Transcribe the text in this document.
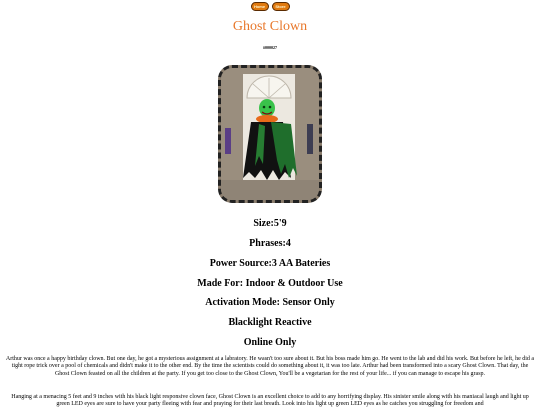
Home	Store
Ghost Clown
#000027
Size:5'9
Phrases:4
Power Source:3 AA Bateries
Made For: Indoor & Outdoor Use
Activation Mode: Sensor Only
Blacklight Reactive
Online Only
Arthur was once a happy birthday clown. But one day, he got a mysterious assignment at a labratory. He wasn't too sure about it. But his boss made him go. He went to the lab and did his work. But before he left, he did a tight rope trick over a pool of chemicals and didn't make it to the other end. By the time the scientists could do something about it, it was too late. Arthur had been transformed into a scary Ghost Clown. That day, the Ghost Clown feasted on all the children at the party. If you get too close to the Ghost Clown, You'll be a vegetarian for the rest of your life... if you can manage to escape his grasp.
Hanging at a menacing 5 feet and 9 inches with his black light responsive clown face, Ghost Clown is an excellent choice to add to any horrifying display. His sinister smile along with his maniacal laugh and light up green LED eyes are sure to have your party fleeing with fear and praying for their last breath. Look into his light up green LED eyes as he catches you struggling for freedom and
